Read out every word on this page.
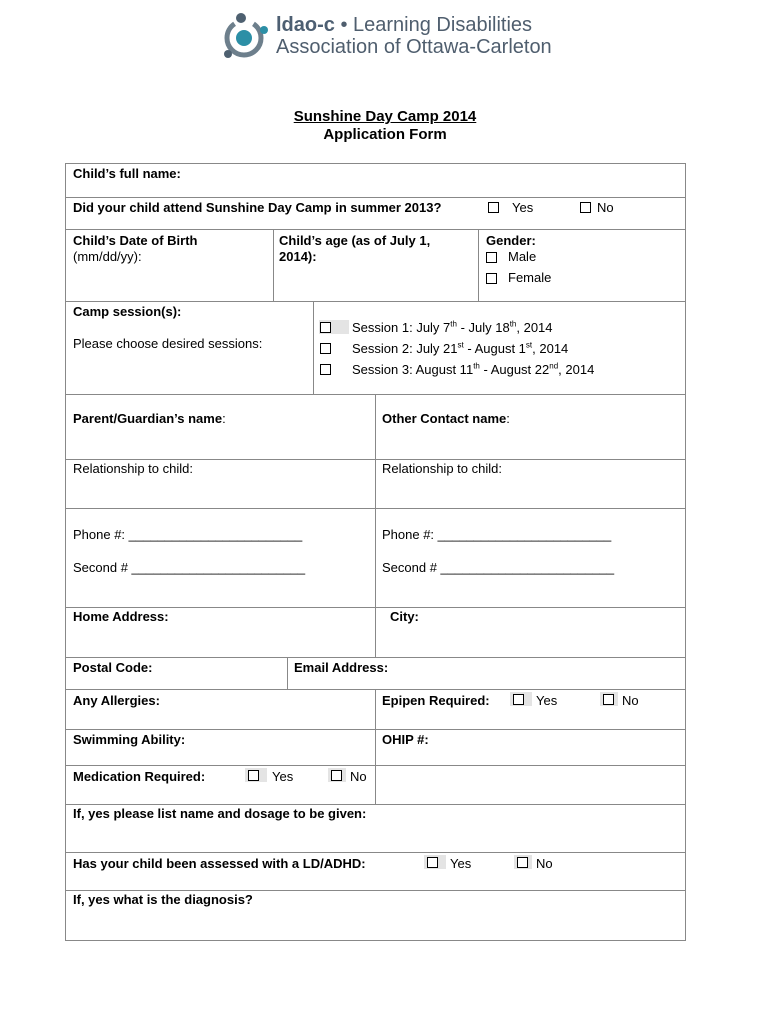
ldao-c • Learning Disabilities
Association of Ottawa-Carleton
Sunshine Day Camp 2014
Application Form
Child’s full name:
Did your child attend Sunshine Day Camp in summer 2013?	Yes	No
Child’s Date of Birth
(mm/dd/yy):
Child’s age (as of July 1,
2014):
Gender:
Male
Female
Camp session(s):
Please choose desired sessions:
Session 1: July 7th - July 18th, 2014
Session 2: July 21st - August 1st, 2014
Session 3: August 11th - August 22nd, 2014
Parent/Guardian’s name:	Other Contact name:
Relationship to child:	Relationship to child:
Phone #: ________________________	Phone #: ________________________
Second # ________________________	Second # ________________________
Home Address:	City:
Postal Code:	Email Address:
Any Allergies:	Epipen Required:	Yes	No
Swimming Ability:	OHIP #:
Medication Required:	Yes	No
If, yes please list name and dosage to be given:
Has your child been assessed with a LD/ADHD:	Yes	No
If, yes what is the diagnosis?
